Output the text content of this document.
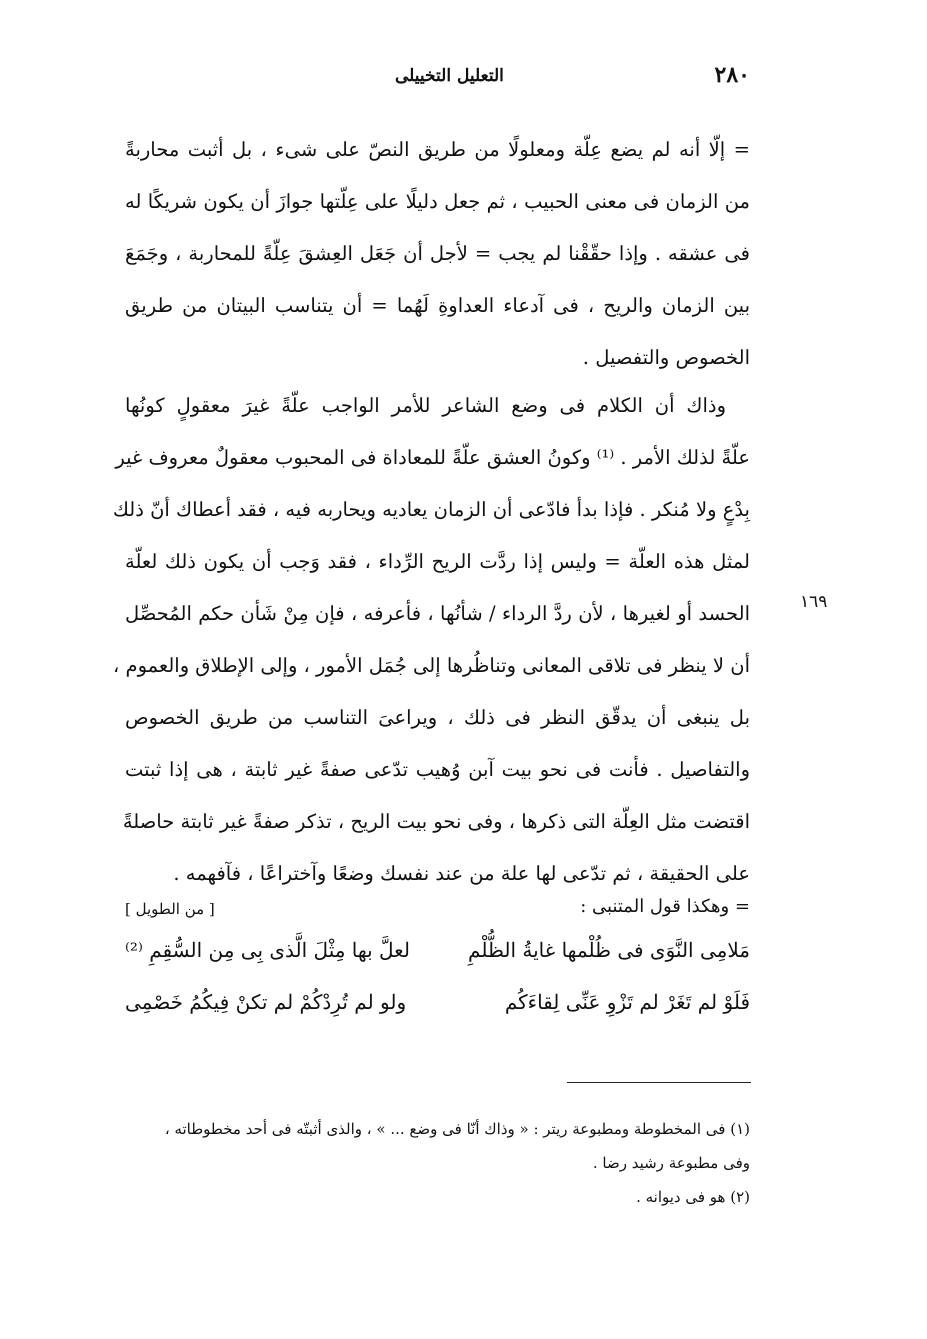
٢٨٠
التعليل التخييلى
= إلّا أنه لم يضع عِلّة ومعلولًا من طريق النصّ على شىء ، بل أثبت محاربةً
من الزمان فى معنى الحبيب ، ثم جعل دليلًا على عِلّتها جوازَ أن يكون شريكًا له
فى عشقه . وإذا حقّقْنا لم يجب = لأجل أن جَعَل العِشقَ عِلّةً للمحاربة ، وجَمَعَ
بين الزمان والريح ، فى آدعاء العداوةِ لَهُما = أن يتناسب البيتان من طريق
الخصوص والتفصيل .
وذاك أن الكلام فى وضع الشاعر للأمر الواجب علّةً غيرَ معقولٍ كونُها
علّةً لذلك الأمر . ⁽¹⁾ وكونُ العشق علّةً للمعاداة فى المحبوب معقولٌ معروف غير
بِدْعٍ ولا مُنكر . فإذا بدأ فادّعى أن الزمان يعاديه ويحاربه فيه ، فقد أعطاك أنّ ذلك
لمثل هذه العلّة = وليس إذا ردَّت الريح الرِّداء ، فقد وَجب أن يكون ذلك لعلّة
الحسد أو لغيرها ، لأن ردَّ الرداء / شأنُها ، فأعرفه ، فإن مِنْ شَأن حكم المُحصِّل
أن لا ينظر فى تلاقى المعانى وتناظُرها إلى جُمَل الأمور ، وإلى الإطلاق والعموم ،
بل ينبغى أن يدقّق النظر فى ذلك ، ويراعىَ التناسب من طريق الخصوص
والتفاصيل . فأنت فى نحو بيت آبن وُهيب تدّعى صفةً غير ثابتة ، هى إذا ثبتت
اقتضت مثل العِلّة التى ذكرها ، وفى نحو بيت الريح ، تذكر صفةً غير ثابتة حاصلةً
على الحقيقة ، ثم تدّعى لها علة من عند نفسك وضعًا وآختراعًا ، فآفهمه .
١٦٩
= وهكذا قول المتنبى :
[ من الطويل ]
مَلامِى النَّوَى فى ظُلْمها غايةُ الظُّلْمِ
لعلَّ بها مِثْلَ الَّذى بِى مِن السُّقِمِ ⁽²⁾
فَلَوْ لم تَغَرْ لم تَزْوِ عَنِّى لِقاءَكُم
ولو لم تُرِدْكُمْ لم تكنْ فِيكُمُ خَصْمِى
(١) فى المخطوطة ومطبوعة ريتر : « وذاك أنّا فى وضع ... » ، والذى أثبتّه فى أحد مخطوطاته ،
وفى مطبوعة رشيد رضا .
(٢) هو فى ديوانه .
